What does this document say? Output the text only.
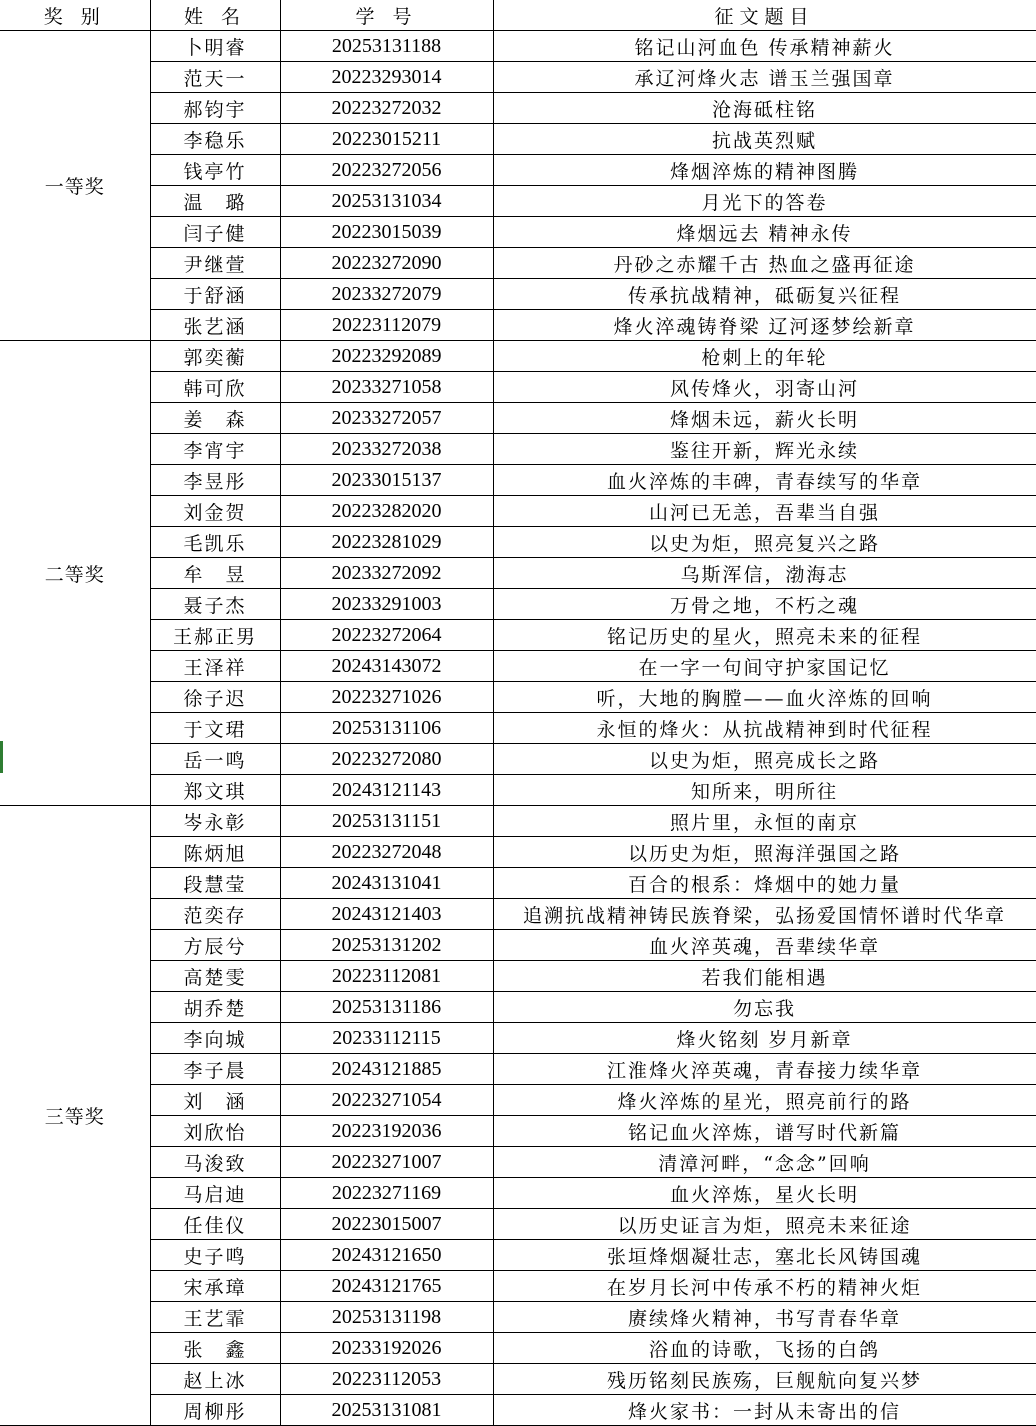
奖 别	姓 名	学 号	征文题目
一等奖	卜明睿	20253131188	铭记山河血色 传承精神薪火
	范天一	20223293014	承辽河烽火志 谱玉兰强国章
	郝钧宇	20223272032	沧海砥柱铭
	李稳乐	20223015211	抗战英烈赋
	钱亭竹	20223272056	烽烟淬炼的精神图腾
	温　璐	20253131034	月光下的答卷
	闫子健	20223015039	烽烟远去 精神永传
	尹继萱	20223272090	丹砂之赤耀千古 热血之盛再征途
	于舒涵	20233272079	传承抗战精神，砥砺复兴征程
	张艺涵	20223112079	烽火淬魂铸脊梁 辽河逐梦绘新章
二等奖	郭奕蘅	20223292089	枪刺上的年轮
	韩可欣	20233271058	风传烽火，羽寄山河
	姜　森	20233272057	烽烟未远，薪火长明
	李宵宇	20233272038	鉴往开新，辉光永续
	李昱彤	20233015137	血火淬炼的丰碑，青春续写的华章
	刘金贺	20223282020	山河已无恙，吾辈当自强
	毛凯乐	20223281029	以史为炬，照亮复兴之路
	牟　昱	20233272092	乌斯浑信，渤海志
	聂子杰	20233291003	万骨之地，不朽之魂
	王郝正男	20223272064	铭记历史的星火，照亮未来的征程
	王泽祥	20243143072	在一字一句间守护家国记忆
	徐子迟	20223271026	听，大地的胸膛——血火淬炼的回响
	于文珺	20253131106	永恒的烽火：从抗战精神到时代征程
	岳一鸣	20223272080	以史为炬，照亮成长之路
	郑文琪	20243121143	知所来，明所往
三等奖	岑永彰	20253131151	照片里，永恒的南京
	陈炳旭	20223272048	以历史为炬，照海洋强国之路
	段慧莹	20243131041	百合的根系：烽烟中的她力量
	范奕存	20243121403	追溯抗战精神铸民族脊梁，弘扬爱国情怀谱时代华章
	方辰兮	20253131202	血火淬英魂，吾辈续华章
	高楚雯	20223112081	若我们能相遇
	胡乔楚	20253131186	勿忘我
	李向城	20233112115	烽火铭刻 岁月新章
	李子晨	20243121885	江淮烽火淬英魂，青春接力续华章
	刘　涵	20223271054	烽火淬炼的星光，照亮前行的路
	刘欣怡	20223192036	铭记血火淬炼，谱写时代新篇
	马浚致	20223271007	清漳河畔，“念念”回响
	马启迪	20223271169	血火淬炼，星火长明
	任佳仪	20223015007	以历史证言为炬，照亮未来征途
	史子鸣	20243121650	张垣烽烟凝壮志，塞北长风铸国魂
	宋承璋	20243121765	在岁月长河中传承不朽的精神火炬
	王艺霏	20253131198	赓续烽火精神，书写青春华章
	张　鑫	20233192026	浴血的诗歌，飞扬的白鸽
	赵上冰	20223112053	残历铭刻民族殇，巨舰航向复兴梦
	周柳彤	20253131081	烽火家书：一封从未寄出的信
